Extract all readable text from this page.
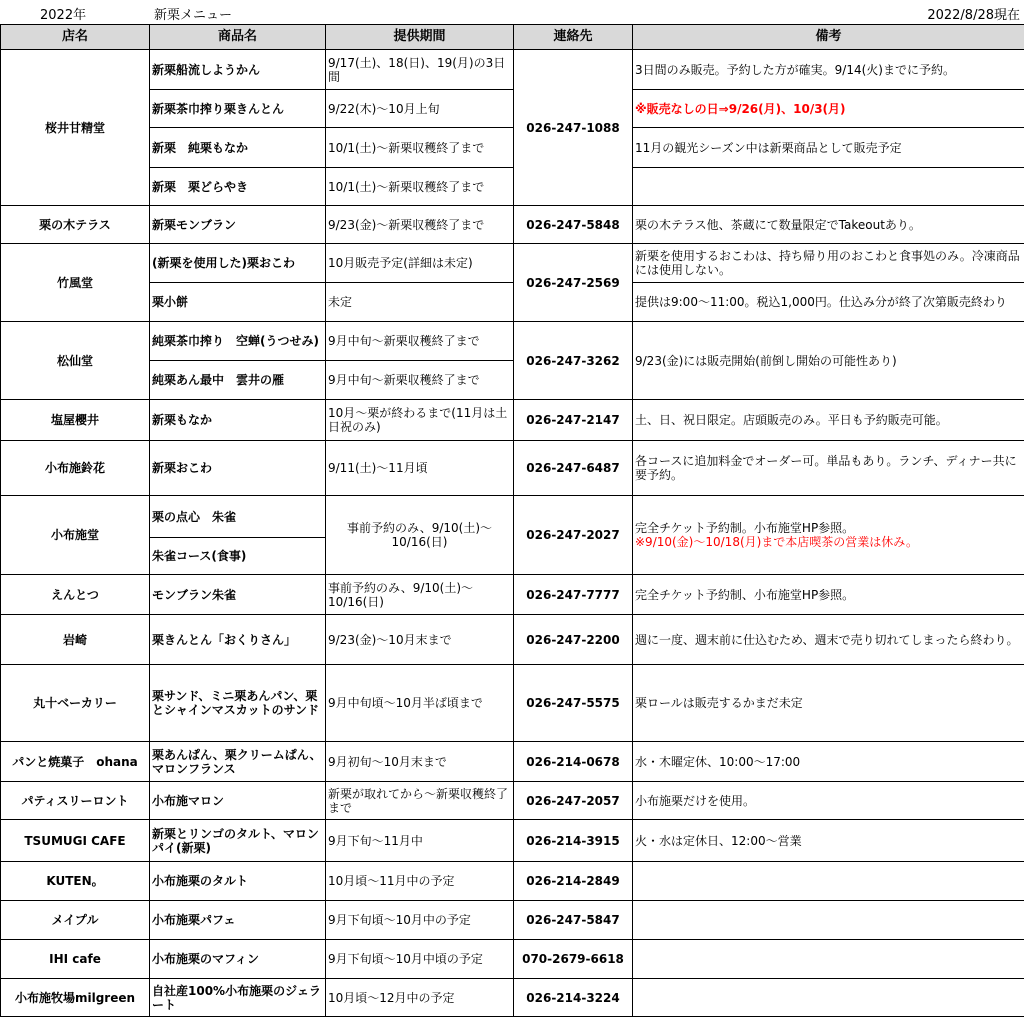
2022年	新栗メニュー	2022/8/28現在
店名	商品名	提供期間	連絡先	備考
桜井甘精堂	新栗船流しようかん	9/17(土)、18(日)、19(月)の3日間	026-247-1088	3日間のみ販売。予約した方が確実。9/14(火)までに予約。
	新栗茶巾搾り栗きんとん	9/22(木)〜10月上旬		※販売なしの日⇒9/26(月)、10/3(月)
	新栗　純栗もなか	10/1(土)〜新栗収穫終了まで		11月の観光シーズン中は新栗商品として販売予定
	新栗　栗どらやき	10/1(土)〜新栗収穫終了まで		
栗の木テラス	新栗モンブラン	9/23(金)〜新栗収穫終了まで	026-247-5848	栗の木テラス他、茶蔵にて数量限定でTakeoutあり。
竹風堂	(新栗を使用した)栗おこわ	10月販売予定(詳細は未定)	026-247-2569	新栗を使用するおこわは、持ち帰り用のおこわと食事処のみ。冷凍商品には使用しない。
	栗小餅	未定		提供は9:00〜11:00。税込1,000円。仕込み分が終了次第販売終わり
松仙堂	純栗茶巾搾り　空蝉(うつせみ)	9月中旬〜新栗収穫終了まで	026-247-3262	9/23(金)には販売開始(前倒し開始の可能性あり)
	純栗あん最中　雲井の雁	9月中旬〜新栗収穫終了まで		
塩屋櫻井	新栗もなか	10月〜栗が終わるまで(11月は土日祝のみ)	026-247-2147	土、日、祝日限定。店頭販売のみ。平日も予約販売可能。
小布施鈴花	新栗おこわ	9/11(土)〜11月頃	026-247-6487	各コースに追加料金でオーダー可。単品もあり。ランチ、ディナー共に要予約。
小布施堂	栗の点心　朱雀	事前予約のみ、9/10(土)〜10/16(日)	026-247-2027	完全チケット予約制。小布施堂HP参照。
※9/10(金)〜10/18(月)まで本店喫茶の営業は休み。

	朱雀コース(食事)			
えんとつ	モンブラン朱雀	事前予約のみ、9/10(土)〜10/16(日)	026-247-7777	完全チケット予約制、小布施堂HP参照。
岩崎	栗きんとん「おくりさん」	9/23(金)〜10月末まで	026-247-2200	週に一度、週末前に仕込むため、週末で売り切れてしまったら終わり。
丸十ベーカリー	栗サンド、ミニ栗あんパン、栗とシャインマスカットのサンド	9月中旬頃〜10月半ば頃まで	026-247-5575	栗ロールは販売するかまだ未定
パンと焼菓子　ohana	栗あんぱん、栗クリームぱん、マロンフランス	9月初旬〜10月末まで	026-214-0678	水・木曜定休、10:00〜17:00
パティスリーロント	小布施マロン	新栗が取れてから〜新栗収穫終了まで	026-247-2057	小布施栗だけを使用。
TSUMUGI CAFE	新栗とリンゴのタルト、マロンパイ(新栗)	9月下旬〜11月中	026-214-3915	火・水は定休日、12:00〜営業
KUTEN。	小布施栗のタルト	10月頃〜11月中の予定	026-214-2849	
メイプル	小布施栗パフェ	9月下旬頃〜10月中の予定	026-247-5847	
IHI cafe	小布施栗のマフィン	9月下旬頃〜10月中頃の予定	070-2679-6618	
小布施牧場milgreen	自社産100%小布施栗のジェラート	10月頃〜12月中の予定	026-214-3224	
